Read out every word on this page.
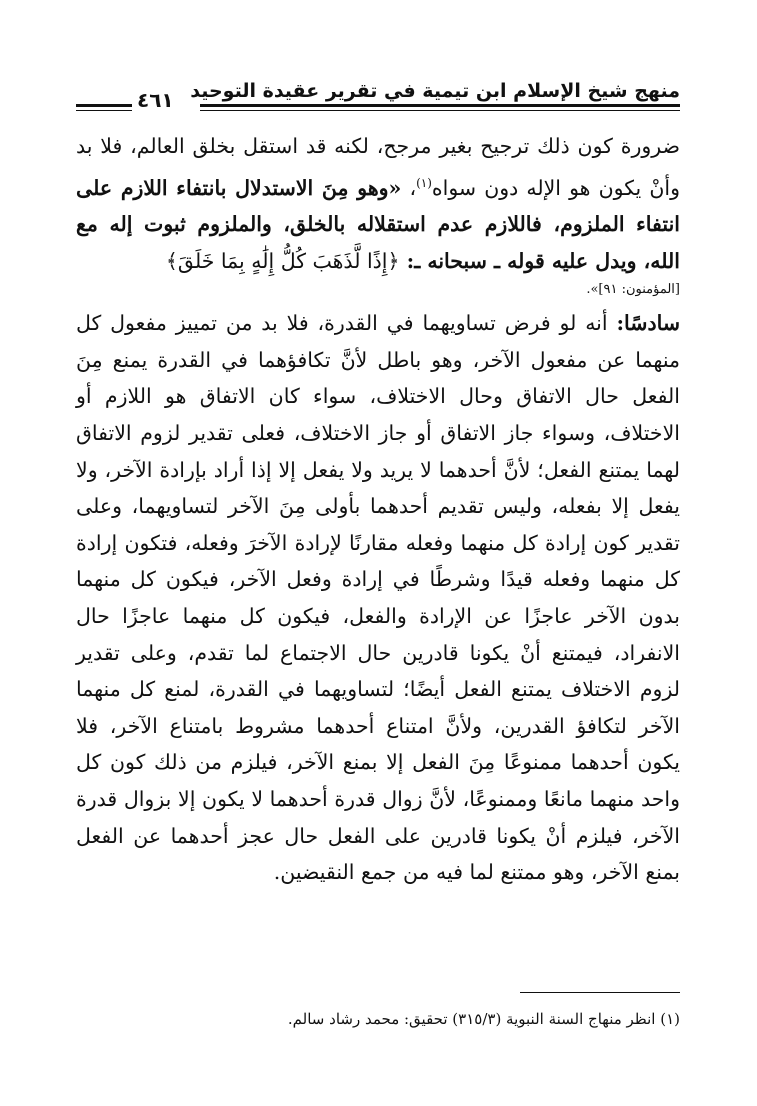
منهج شيخ الإسلام ابن تيمية في تقرير عقيدة التوحيد
٤٦١

ضرورة كون ذلك ترجيح بغير مرجح، لكنه قد استقل بخلق العالم، فلا بد وأنْ يكون هو الإله دون سواه$^{(١)}$، «وهو مِنَ الاستدلال بانتفاء اللازم على انتفاء الملزوم، فاللازم عدم استقلاله بالخلق، والملزوم ثبوت إله مع الله، ويدل عليه قوله ـ سبحانه ـ: ﴿إِذًا لَّذَهَبَ كُلُّ إِلَٰهٍ بِمَا خَلَقَ﴾
[المؤمنون: ٩١]».

سادسًا: أنه لو فرض تساويهما في القدرة، فلا بد من تمييز مفعول كل منهما عن مفعول الآخر، وهو باطل لأنَّ تكافؤهما في القدرة يمنع مِنَ الفعل حال الاتفاق وحال الاختلاف، سواء كان الاتفاق هو اللازم أو الاختلاف، وسواء جاز الاتفاق أو جاز الاختلاف، فعلى تقدير لزوم الاتفاق لهما يمتنع الفعل؛ لأنَّ أحدهما لا يريد ولا يفعل إلا إذا أراد بإرادة الآخر، ولا يفعل إلا بفعله، وليس تقديم أحدهما بأولى مِنَ الآخر لتساويهما، وعلى تقدير كون إرادة كل منهما وفعله مقارنًا لإرادة الآخرَ وفعله، فتكون إرادة كل منهما وفعله قيدًا وشرطًا في إرادة وفعل الآخر، فيكون كل منهما بدون الآخر عاجزًا عن الإرادة والفعل، فيكون كل منهما عاجزًا حال الانفراد، فيمتنع أنْ يكونا قادرين حال الاجتماع لما تقدم، وعلى تقدير لزوم الاختلاف يمتنع الفعل أيضًا؛ لتساويهما في القدرة، لمنع كل منهما الآخر لتكافؤ القدرين، ولأنَّ امتناع أحدهما مشروط بامتناع الآخر، فلا يكون أحدهما ممنوعًا مِنَ الفعل إلا بمنع الآخر، فيلزم من ذلك كون كل واحد منهما مانعًا وممنوعًا، لأنَّ زوال قدرة أحدهما لا يكون إلا بزوال قدرة الآخر، فيلزم أنْ يكونا قادرين على الفعل حال عجز أحدهما عن الفعل بمنع الآخر، وهو ممتنع لما فيه من جمع النقيضين.

(١) انظر منهاج السنة النبوية (٣١٥/٣) تحقيق: محمد رشاد سالم.
